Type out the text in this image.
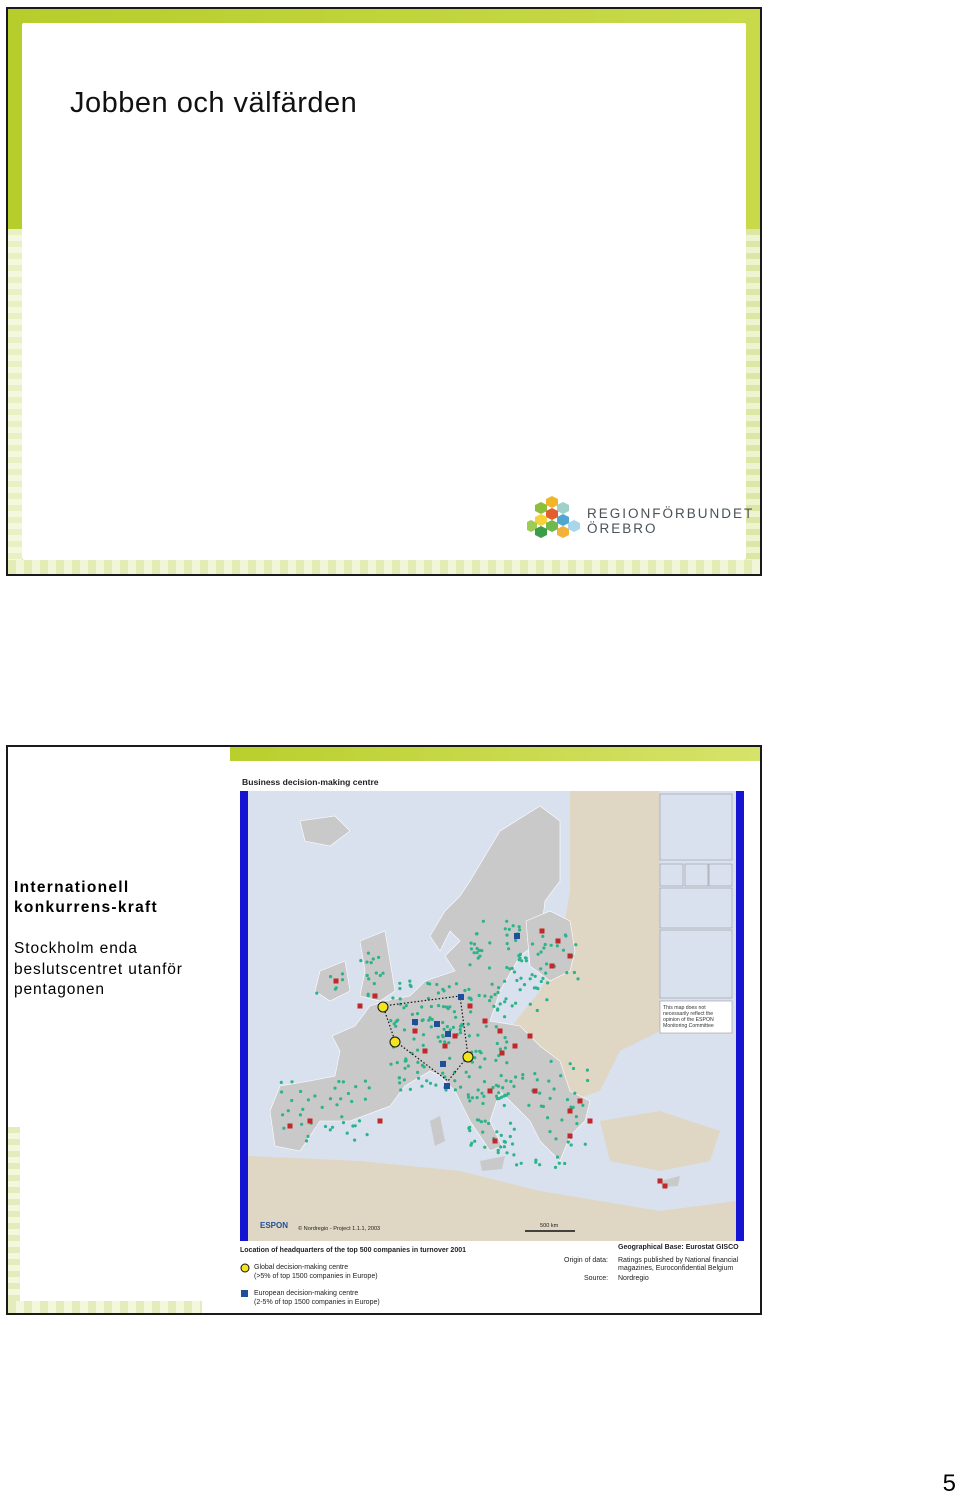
Jobben och välfärden
REGIONFÖRBUNDET
ÖREBRO
Internationell
konkurrens-kraft
Stockholm enda
beslutscentret utanför
pentagonen
Business decision-making centre
This map does not
necessarily reflect the
opinion of the ESPON
Monitoring Committee
ESPON © Nordregio - Project 1.1.1, 2003	500 km
Location of headquarters of the top 500 companies in turnover 2001
Global decision-making centre
(>5% of top 1500 companies in Europe)
European decision-making centre
(2-5% of top 1500 companies in Europe)
Geographical Base: Eurostat GISCO
Origin of data: Ratings published by National financial
magazines, Euroconfidential Belgium
Source: Nordregio
5
